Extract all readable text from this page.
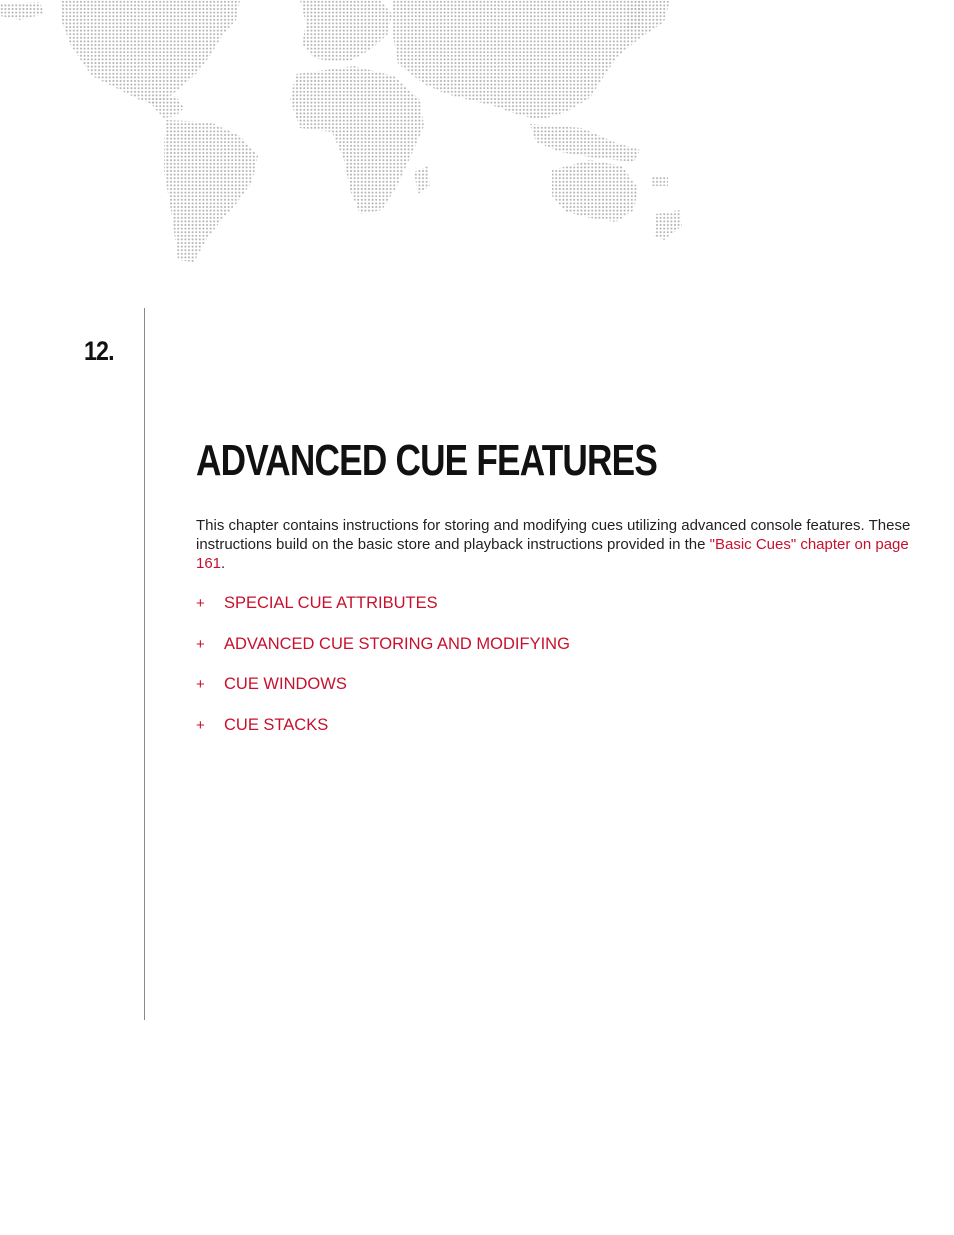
12.
ADVANCED CUE FEATURES

This chapter contains instructions for storing and modifying cues utilizing advanced console features. These instructions build on the basic store and playback instructions provided in the "Basic Cues" chapter on page 161.

+ SPECIAL CUE ATTRIBUTES
+ ADVANCED CUE STORING AND MODIFYING
+ CUE WINDOWS
+ CUE STACKS
